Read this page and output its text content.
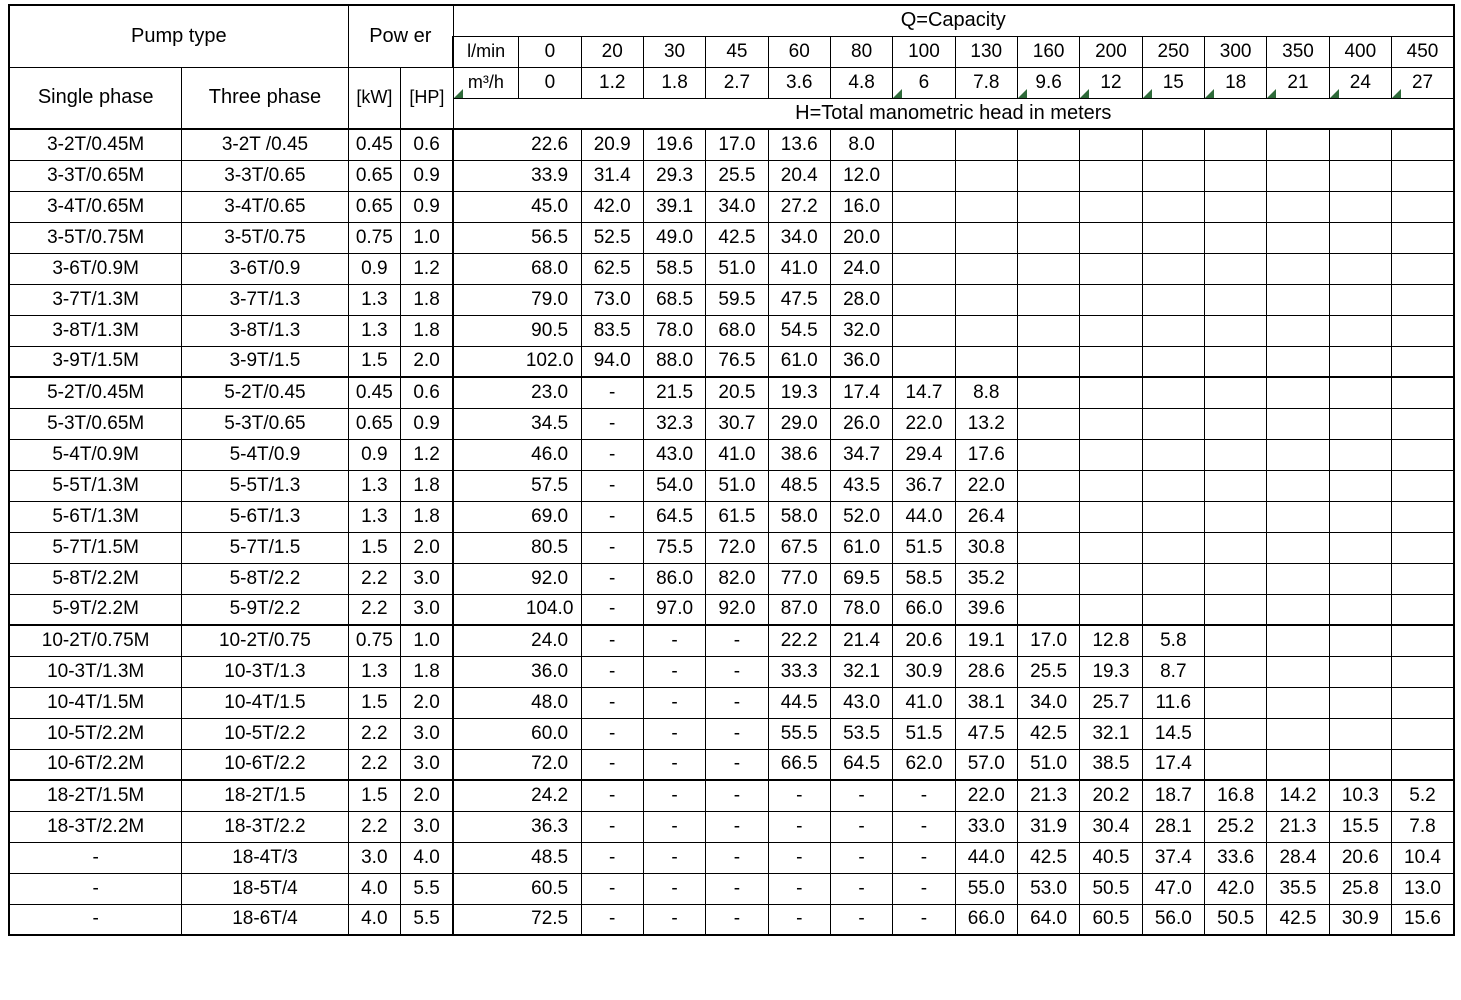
Pump type		Pow er		Q=Capacity															
				l/min	0	20	30	45	60	80	100	130	160	200	250	300	350	400	450
Single phase	Three phase	[kW]	[HP]	m³/h	0	1.2	1.8	2.7	3.6	4.8	6	7.8	9.6	12	15	18	21	24	27
				H=Total manometric head in meters															
3-2T/0.45M	3-2T /0.45	0.45	0.6		22.6	20.9	19.6	17.0	13.6	8.0									
3-3T/0.65M	3-3T/0.65	0.65	0.9		33.9	31.4	29.3	25.5	20.4	12.0									
3-4T/0.65M	3-4T/0.65	0.65	0.9		45.0	42.0	39.1	34.0	27.2	16.0									
3-5T/0.75M	3-5T/0.75	0.75	1.0		56.5	52.5	49.0	42.5	34.0	20.0									
3-6T/0.9M	3-6T/0.9	0.9	1.2		68.0	62.5	58.5	51.0	41.0	24.0									
3-7T/1.3M	3-7T/1.3	1.3	1.8		79.0	73.0	68.5	59.5	47.5	28.0									
3-8T/1.3M	3-8T/1.3	1.3	1.8		90.5	83.5	78.0	68.0	54.5	32.0									
3-9T/1.5M	3-9T/1.5	1.5	2.0		102.0	94.0	88.0	76.5	61.0	36.0									
5-2T/0.45M	5-2T/0.45	0.45	0.6		23.0	-	21.5	20.5	19.3	17.4	14.7	8.8							
5-3T/0.65M	5-3T/0.65	0.65	0.9		34.5	-	32.3	30.7	29.0	26.0	22.0	13.2							
5-4T/0.9M	5-4T/0.9	0.9	1.2		46.0	-	43.0	41.0	38.6	34.7	29.4	17.6							
5-5T/1.3M	5-5T/1.3	1.3	1.8		57.5	-	54.0	51.0	48.5	43.5	36.7	22.0							
5-6T/1.3M	5-6T/1.3	1.3	1.8		69.0	-	64.5	61.5	58.0	52.0	44.0	26.4							
5-7T/1.5M	5-7T/1.5	1.5	2.0		80.5	-	75.5	72.0	67.5	61.0	51.5	30.8							
5-8T/2.2M	5-8T/2.2	2.2	3.0		92.0	-	86.0	82.0	77.0	69.5	58.5	35.2							
5-9T/2.2M	5-9T/2.2	2.2	3.0		104.0	-	97.0	92.0	87.0	78.0	66.0	39.6							
10-2T/0.75M	10-2T/0.75	0.75	1.0		24.0	-	-	-	22.2	21.4	20.6	19.1	17.0	12.8	5.8				
10-3T/1.3M	10-3T/1.3	1.3	1.8		36.0	-	-	-	33.3	32.1	30.9	28.6	25.5	19.3	8.7				
10-4T/1.5M	10-4T/1.5	1.5	2.0		48.0	-	-	-	44.5	43.0	41.0	38.1	34.0	25.7	11.6				
10-5T/2.2M	10-5T/2.2	2.2	3.0		60.0	-	-	-	55.5	53.5	51.5	47.5	42.5	32.1	14.5				
10-6T/2.2M	10-6T/2.2	2.2	3.0		72.0	-	-	-	66.5	64.5	62.0	57.0	51.0	38.5	17.4				
18-2T/1.5M	18-2T/1.5	1.5	2.0		24.2	-	-	-	-	-	-	22.0	21.3	20.2	18.7	16.8	14.2	10.3	5.2
18-3T/2.2M	18-3T/2.2	2.2	3.0		36.3	-	-	-	-	-	-	33.0	31.9	30.4	28.1	25.2	21.3	15.5	7.8
-	18-4T/3	3.0	4.0		48.5	-	-	-	-	-	-	44.0	42.5	40.5	37.4	33.6	28.4	20.6	10.4
-	18-5T/4	4.0	5.5		60.5	-	-	-	-	-	-	55.0	53.0	50.5	47.0	42.0	35.5	25.8	13.0
-	18-6T/4	4.0	5.5		72.5	-	-	-	-	-	-	66.0	64.0	60.5	56.0	50.5	42.5	30.9	15.6
